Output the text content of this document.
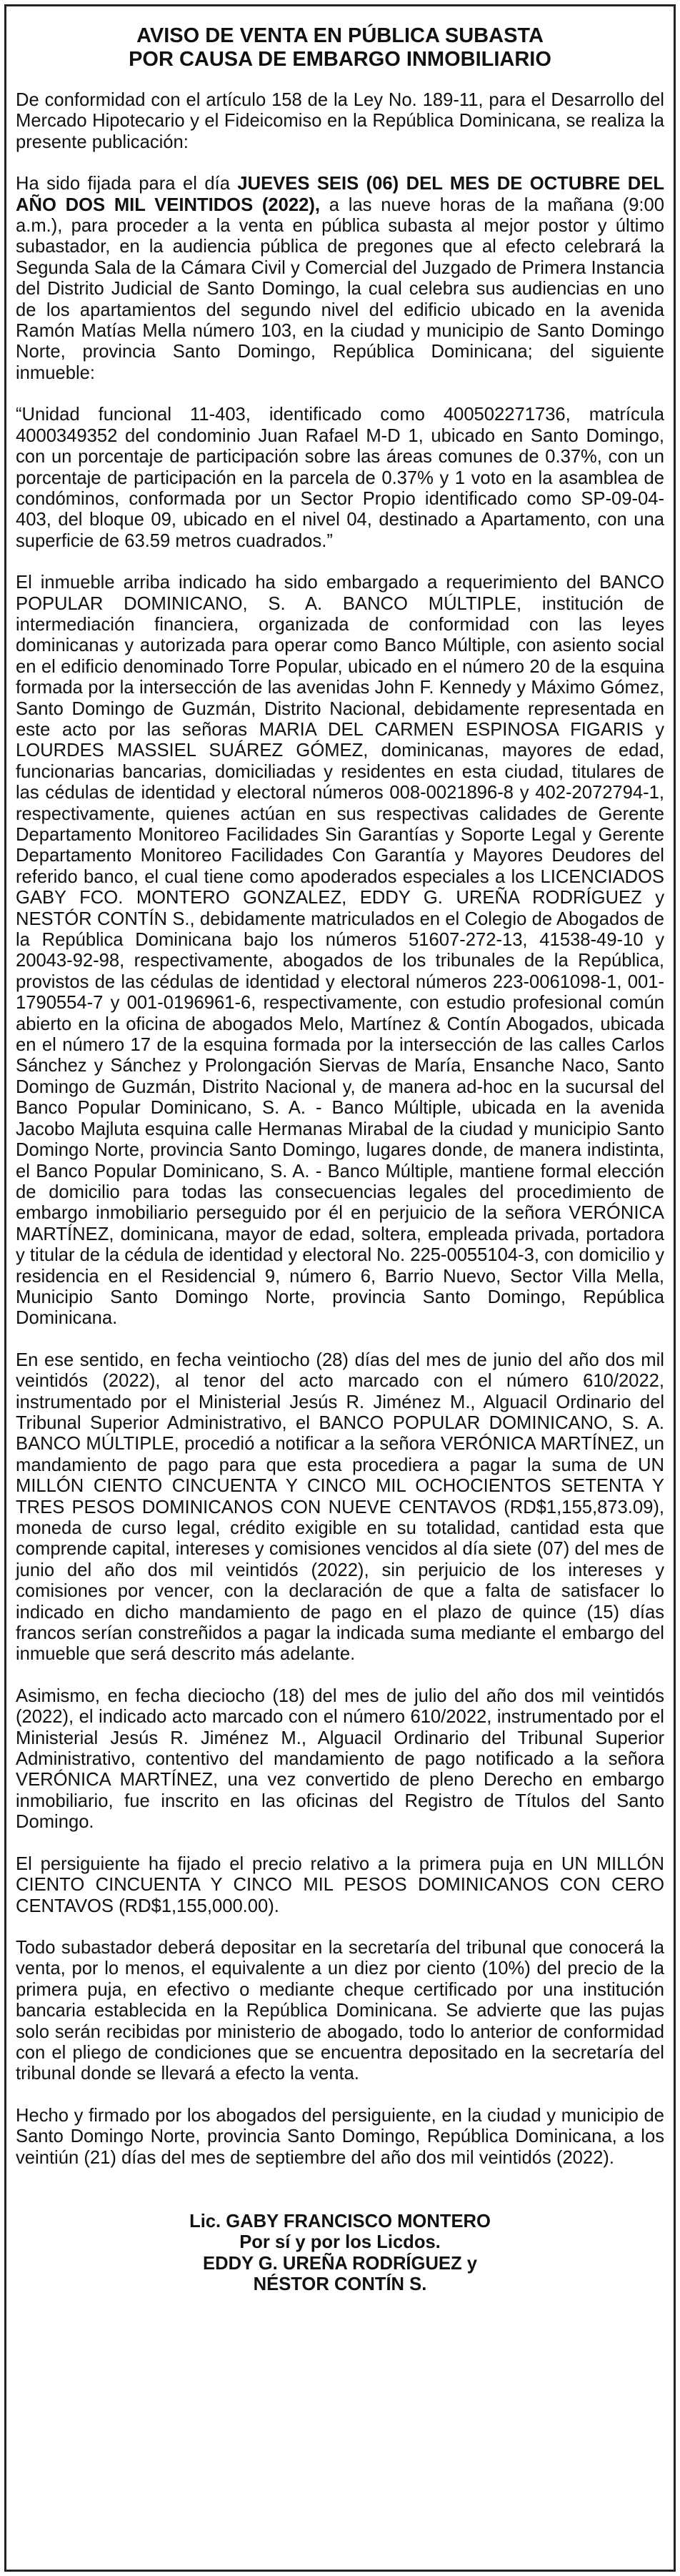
AVISO DE VENTA EN PÚBLICA SUBASTA
POR CAUSA DE EMBARGO INMOBILIARIO

De conformidad con el artículo 158 de la Ley No. 189-11, para el Desarrollo del Mercado Hipotecario y el Fideicomiso en la República Dominicana, se realiza la presente publicación:

Ha sido fijada para el día JUEVES SEIS (06) DEL MES DE OCTUBRE DEL AÑO DOS MIL VEINTIDOS (2022), a las nueve horas de la mañana (9:00 a.m.), para proceder a la venta en pública subasta al mejor postor y último subastador, en la audiencia pública de pregones que al efecto celebrará la Segunda Sala de la Cámara Civil y Comercial del Juzgado de Primera Instancia del Distrito Judicial de Santo Domingo, la cual celebra sus audiencias en uno de los apartamientos del segundo nivel del edificio ubicado en la avenida Ramón Matías Mella número 103, en la ciudad y municipio de Santo Domingo Norte, provincia Santo Domingo, República Dominicana; del siguiente inmueble:

“Unidad funcional 11-403, identificado como 400502271736, matrícula 4000349352 del condominio Juan Rafael M-D 1, ubicado en Santo Domingo, con un porcentaje de participación sobre las áreas comunes de 0.37%, con un porcentaje de participación en la parcela de 0.37% y 1 voto en la asamblea de condóminos, conformada por un Sector Propio identificado como SP-09-04-403, del bloque 09, ubicado en el nivel 04, destinado a Apartamento, con una superficie de 63.59 metros cuadrados.”

El inmueble arriba indicado ha sido embargado a requerimiento del BANCO POPULAR DOMINICANO, S. A. BANCO MÚLTIPLE, institución de intermediación financiera, organizada de conformidad con las leyes dominicanas y autorizada para operar como Banco Múltiple, con asiento social en el edificio denominado Torre Popular, ubicado en el número 20 de la esquina formada por la intersección de las avenidas John F. Kennedy y Máximo Gómez, Santo Domingo de Guzmán, Distrito Nacional, debidamente representada en este acto por las señoras MARIA DEL CARMEN ESPINOSA FIGARIS y LOURDES MASSIEL SUÁREZ GÓMEZ, dominicanas, mayores de edad, funcionarias bancarias, domiciliadas y residentes en esta ciudad, titulares de las cédulas de identidad y electoral números 008-0021896-8 y 402-2072794-1, respectivamente, quienes actúan en sus respectivas calidades de Gerente Departamento Monitoreo Facilidades Sin Garantías y Soporte Legal y Gerente Departamento Monitoreo Facilidades Con Garantía y Mayores Deudores del referido banco, el cual tiene como apoderados especiales a los LICENCIADOS GABY FCO. MONTERO GONZALEZ, EDDY G. UREÑA RODRÍGUEZ y NESTÓR CONTÍN S., debidamente matriculados en el Colegio de Abogados de la República Dominicana bajo los números 51607-272-13, 41538-49-10 y 20043-92-98, respectivamente, abogados de los tribunales de la República, provistos de las cédulas de identidad y electoral números 223-0061098-1, 001-1790554-7 y 001-0196961-6, respectivamente, con estudio profesional común abierto en la oficina de abogados Melo, Martínez & Contín Abogados, ubicada en el número 17 de la esquina formada por la intersección de las calles Carlos Sánchez y Sánchez y Prolongación Siervas de María, Ensanche Naco, Santo Domingo de Guzmán, Distrito Nacional y, de manera ad-hoc en la sucursal del Banco Popular Dominicano, S. A. - Banco Múltiple, ubicada en la avenida Jacobo Majluta esquina calle Hermanas Mirabal de la ciudad y municipio Santo Domingo Norte, provincia Santo Domingo, lugares donde, de manera indistinta, el Banco Popular Dominicano, S. A. - Banco Múltiple, mantiene formal elección de domicilio para todas las consecuencias legales del procedimiento de embargo inmobiliario perseguido por él en perjuicio de la señora VERÓNICA MARTÍNEZ, dominicana, mayor de edad, soltera, empleada privada, portadora y titular de la cédula de identidad y electoral No. 225-0055104-3, con domicilio y residencia en el Residencial 9, número 6, Barrio Nuevo, Sector Villa Mella, Municipio Santo Domingo Norte, provincia Santo Domingo, República Dominicana.

En ese sentido, en fecha veintiocho (28) días del mes de junio del año dos mil veintidós (2022), al tenor del acto marcado con el número 610/2022, instrumentado por el Ministerial Jesús R. Jiménez M., Alguacil Ordinario del Tribunal Superior Administrativo, el BANCO POPULAR DOMINICANO, S. A. BANCO MÚLTIPLE, procedió a notificar a la señora VERÓNICA MARTÍNEZ, un mandamiento de pago para que esta procediera a pagar la suma de UN MILLÓN CIENTO CINCUENTA Y CINCO MIL OCHOCIENTOS SETENTA Y TRES PESOS DOMINICANOS CON NUEVE CENTAVOS (RD$1,155,873.09), moneda de curso legal, crédito exigible en su totalidad, cantidad esta que comprende capital, intereses y comisiones vencidos al día siete (07) del mes de junio del año dos mil veintidós (2022), sin perjuicio de los intereses y comisiones por vencer, con la declaración de que a falta de satisfacer lo indicado en dicho mandamiento de pago en el plazo de quince (15) días francos serían constreñidos a pagar la indicada suma mediante el embargo del inmueble que será descrito más adelante.

Asimismo, en fecha dieciocho (18) del mes de julio del año dos mil veintidós (2022), el indicado acto marcado con el número 610/2022, instrumentado por el Ministerial Jesús R. Jiménez M., Alguacil Ordinario del Tribunal Superior Administrativo, contentivo del mandamiento de pago notificado a la señora VERÓNICA MARTÍNEZ, una vez convertido de pleno Derecho en embargo inmobiliario, fue inscrito en las oficinas del Registro de Títulos del Santo Domingo.

El persiguiente ha fijado el precio relativo a la primera puja en UN MILLÓN CIENTO CINCUENTA Y CINCO MIL PESOS DOMINICANOS CON CERO CENTAVOS (RD$1,155,000.00).

Todo subastador deberá depositar en la secretaría del tribunal que conocerá la venta, por lo menos, el equivalente a un diez por ciento (10%) del precio de la primera puja, en efectivo o mediante cheque certificado por una institución bancaria establecida en la República Dominicana. Se advierte que las pujas solo serán recibidas por ministerio de abogado, todo lo anterior de conformidad con el pliego de condiciones que se encuentra depositado en la secretaría del tribunal donde se llevará a efecto la venta.

Hecho y firmado por los abogados del persiguiente, en la ciudad y municipio de Santo Domingo Norte, provincia Santo Domingo, República Dominicana, a los veintiún (21) días del mes de septiembre del año dos mil veintidós (2022).

Lic. GABY FRANCISCO MONTERO
Por sí y por los Licdos.
EDDY G. UREÑA RODRÍGUEZ y
NÉSTOR CONTÍN S.
